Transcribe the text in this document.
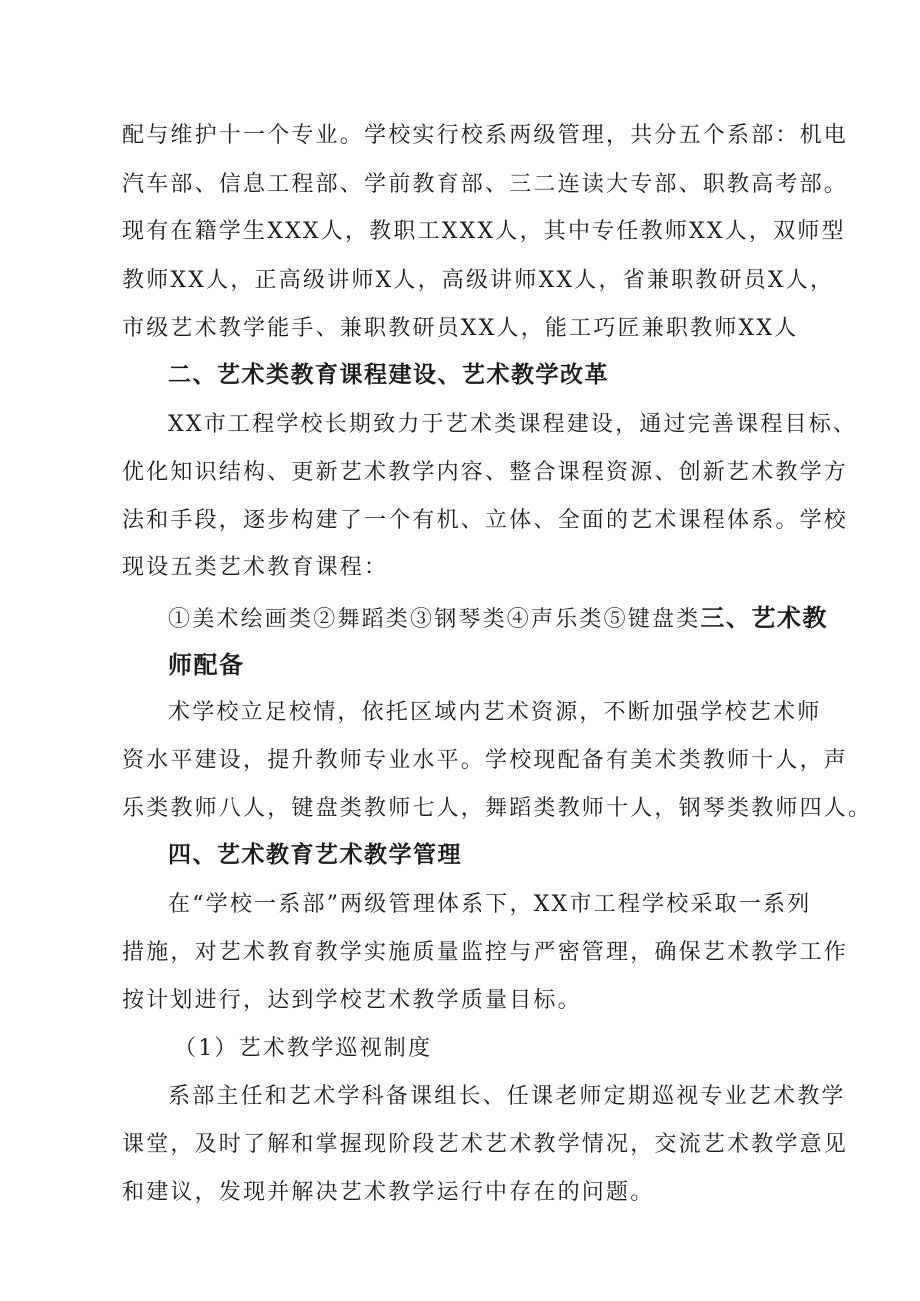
配与维护十一个专业。学校实行校系两级管理，共分五个系部：机电
汽车部、信息工程部、学前教育部、三二连读大专部、职教高考部。
现有在籍学生XXX人，教职工XXX人，其中专任教师XX人，双师型
教师XX人，正高级讲师X人，高级讲师XX人，省兼职教研员X人，
市级艺术教学能手、兼职教研员XX人，能工巧匠兼职教师XX人
二、艺术类教育课程建设、艺术教学改革
XX市工程学校长期致力于艺术类课程建设，通过完善课程目标、
优化知识结构、更新艺术教学内容、整合课程资源、创新艺术教学方
法和手段，逐步构建了一个有机、立体、全面的艺术课程体系。学校
现设五类艺术教育课程：
①美术绘画类②舞蹈类③钢琴类④声乐类⑤键盘类三、艺术教
师配备
术学校立足校情，依托区域内艺术资源，不断加强学校艺术师
资水平建设，提升教师专业水平。学校现配备有美术类教师十人，声
乐类教师八人，键盘类教师七人，舞蹈类教师十人，钢琴类教师四人。
四、艺术教育艺术教学管理
在“学校一系部”两级管理体系下，XX市工程学校采取一系列
措施，对艺术教育教学实施质量监控与严密管理，确保艺术教学工作
按计划进行，达到学校艺术教学质量目标。
（1）艺术教学巡视制度
系部主任和艺术学科备课组长、任课老师定期巡视专业艺术教学
课堂，及时了解和掌握现阶段艺术艺术教学情况，交流艺术教学意见
和建议，发现并解决艺术教学运行中存在的问题。
